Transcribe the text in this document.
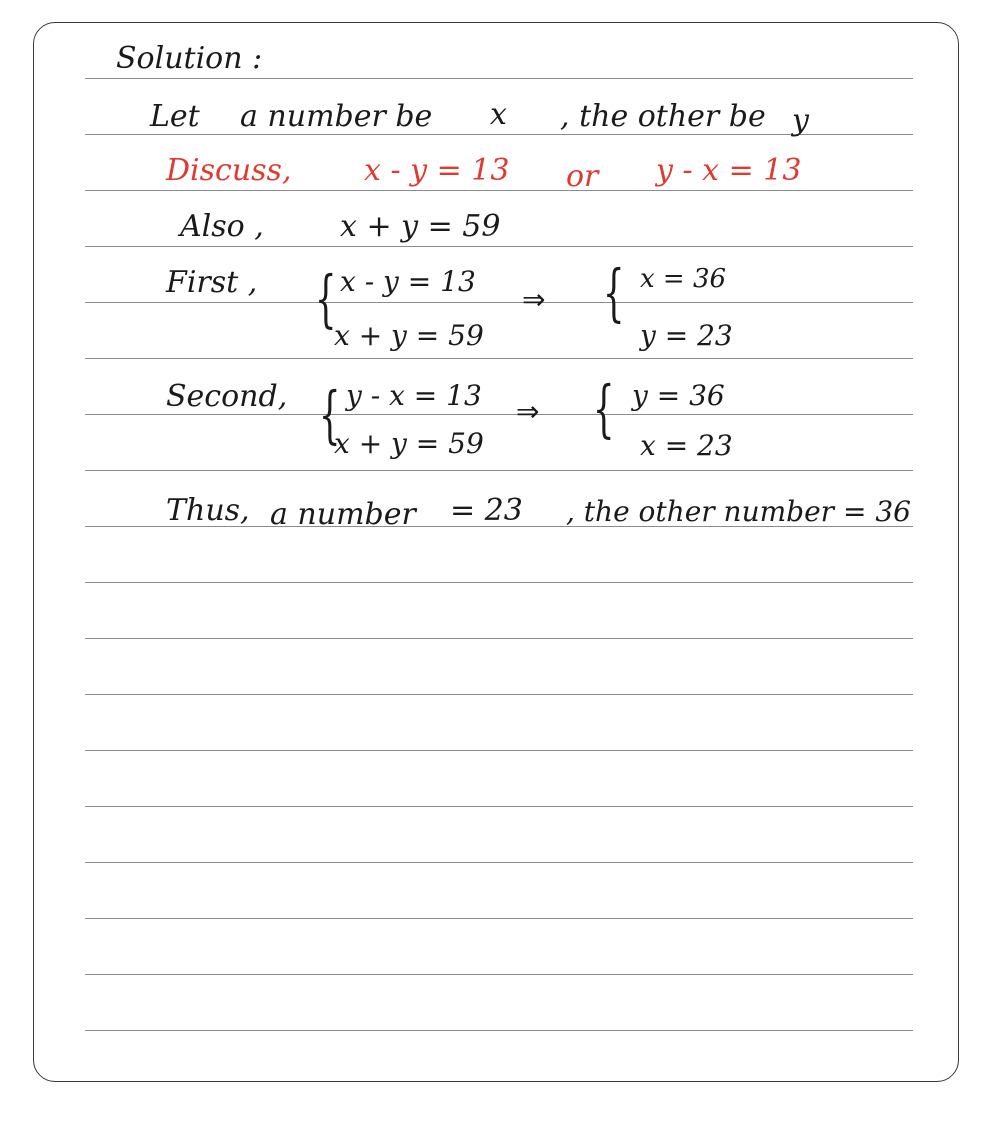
Solution :
Let a number be x , the other be y
Discuss, x - y = 13 or y - x = 13
Also ,	x + y = 59
First , { x - y = 13
x + y = 59
⇒ { x = 36
y = 23
Second, { y - x = 13
x + y = 59
⇒ { y = 36
x = 23
Thus, a number = 23 , the other number = 36
